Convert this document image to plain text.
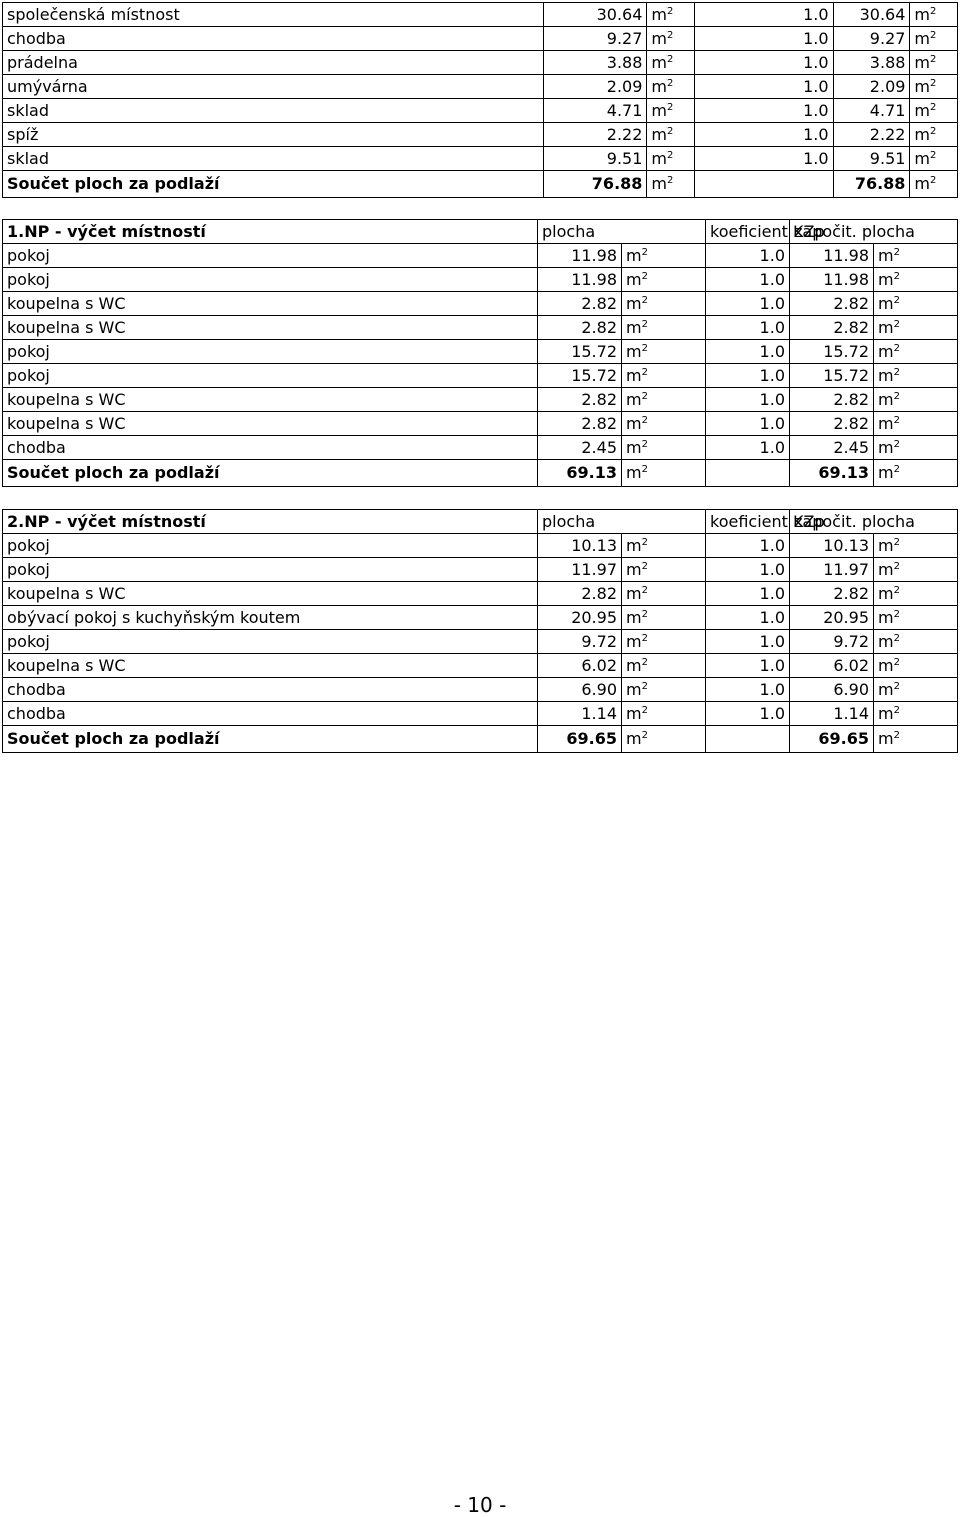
společenská místnost	30.64	$m^2$	1.0	30.64	$m^2$
chodba	9.27	$m^2$	1.0	9.27	$m^2$
prádelna	3.88	$m^2$	1.0	3.88	$m^2$
umývárna	2.09	$m^2$	1.0	2.09	$m^2$
sklad	4.71	$m^2$	1.0	4.71	$m^2$
spíž	2.22	$m^2$	1.0	2.22	$m^2$
sklad	9.51	$m^2$	1.0	9.51	$m^2$
Součet ploch za podlaží	76.88	$m^2$		76.88	$m^2$
1.NP - výčet místností	plocha		koeficient KZp	započit. plocha	
pokoj	11.98	$m^2$	1.0	11.98	$m^2$
pokoj	11.98	$m^2$	1.0	11.98	$m^2$
koupelna s WC	2.82	$m^2$	1.0	2.82	$m^2$
koupelna s WC	2.82	$m^2$	1.0	2.82	$m^2$
pokoj	15.72	$m^2$	1.0	15.72	$m^2$
pokoj	15.72	$m^2$	1.0	15.72	$m^2$
koupelna s WC	2.82	$m^2$	1.0	2.82	$m^2$
koupelna s WC	2.82	$m^2$	1.0	2.82	$m^2$
chodba	2.45	$m^2$	1.0	2.45	$m^2$
Součet ploch za podlaží	69.13	$m^2$		69.13	$m^2$
2.NP - výčet místností	plocha		koeficient KZp	započit. plocha	
pokoj	10.13	$m^2$	1.0	10.13	$m^2$
pokoj	11.97	$m^2$	1.0	11.97	$m^2$
koupelna s WC	2.82	$m^2$	1.0	2.82	$m^2$
obývací pokoj s kuchyňským koutem	20.95	$m^2$	1.0	20.95	$m^2$
pokoj	9.72	$m^2$	1.0	9.72	$m^2$
koupelna s WC	6.02	$m^2$	1.0	6.02	$m^2$
chodba	6.90	$m^2$	1.0	6.90	$m^2$
chodba	1.14	$m^2$	1.0	1.14	$m^2$
Součet ploch za podlaží	69.65	$m^2$		69.65	$m^2$
- 10 -
